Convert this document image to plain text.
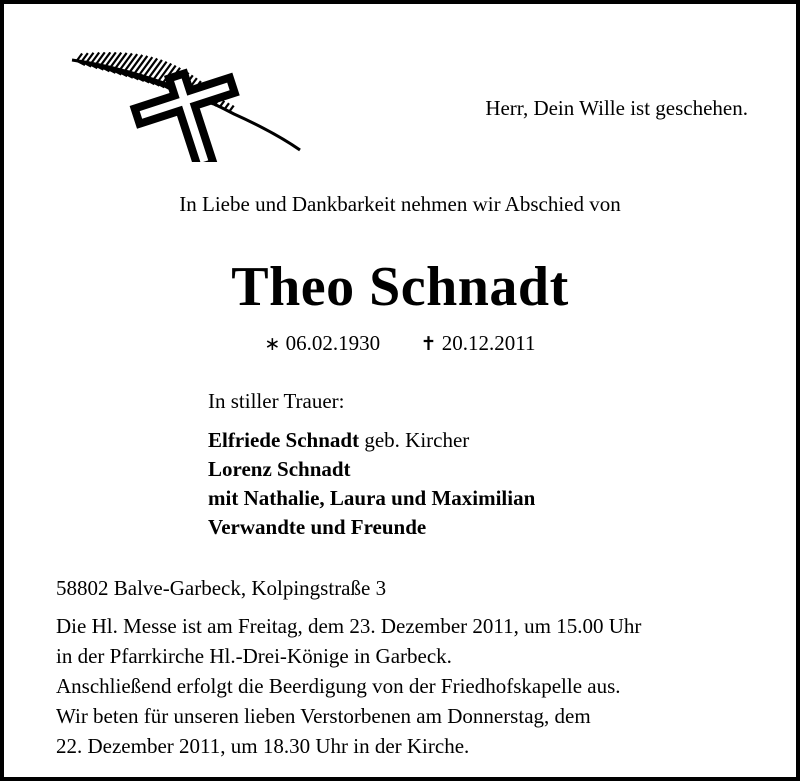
Herr, Dein Wille ist geschehen.
In Liebe und Dankbarkeit nehmen wir Abschied von
Theo Schnadt
∗ 06.02.1930 ✝ 20.12.2011
In stiller Trauer:
Elfriede Schnadt geb. Kircher
Lorenz Schnadt
mit Nathalie, Laura und Maximilian
Verwandte und Freunde
58802 Balve-Garbeck, Kolpingstraße 3
Die Hl. Messe ist am Freitag, dem 23. Dezember 2011, um 15.00 Uhr
in der Pfarrkirche Hl.-Drei-Könige in Garbeck.
Anschließend erfolgt die Beerdigung von der Friedhofskapelle aus.
Wir beten für unseren lieben Verstorbenen am Donnerstag, dem
22. Dezember 2011, um 18.30 Uhr in der Kirche.
